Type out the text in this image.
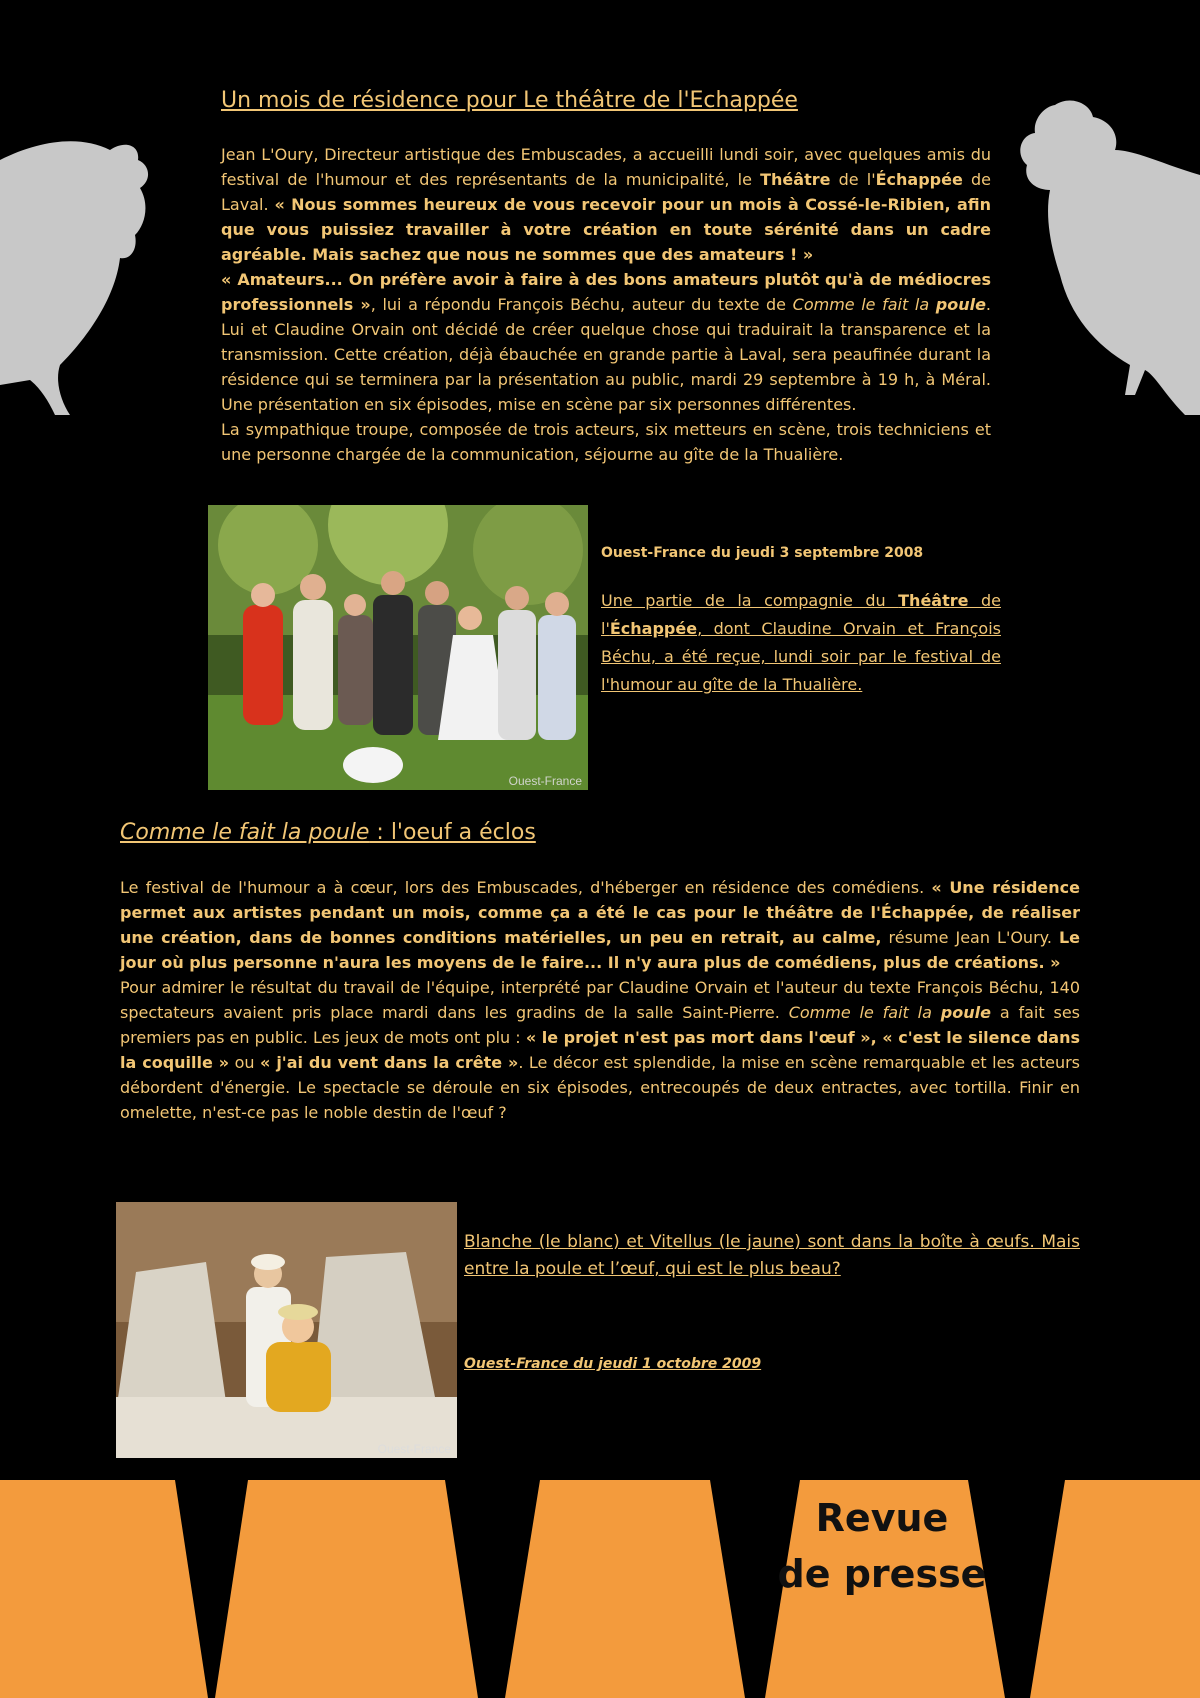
Un mois de résidence pour Le théâtre de l'Echappée

Jean L'Oury, Directeur artistique des Embuscades, a accueilli lundi soir, avec quelques amis du festival de l'humour et des représentants de la municipalité, le Théâtre de l'Échappée de Laval. « Nous sommes heureux de vous recevoir pour un mois à Cossé-le-Ribien, afin que vous puissiez travailler à votre création en toute sérénité dans un cadre agréable. Mais sachez que nous ne sommes que des amateurs ! »

« Amateurs... On préfère avoir à faire à des bons amateurs plutôt qu'à de médiocres professionnels », lui a répondu François Béchu, auteur du texte de Comme le fait la poule. Lui et Claudine Orvain ont décidé de créer quelque chose qui traduirait la transparence et la transmission. Cette création, déjà ébauchée en grande partie à Laval, sera peaufinée durant la résidence qui se terminera par la présentation au public, mardi 29 septembre à 19 h, à Méral. Une présentation en six épisodes, mise en scène par six personnes différentes.

La sympathique troupe, composée de trois acteurs, six metteurs en scène, trois techniciens et une personne chargée de la communication, séjourne au gîte de la Thualière.

Ouest-France
Ouest-France du jeudi 3 septembre 2008
Une partie de la compagnie du Théâtre de l'Échappée, dont Claudine Orvain et François Béchu, a été reçue, lundi soir par le festival de l'humour au gîte de la Thualière.
Comme le fait la poule : l'oeuf a éclos

Le festival de l'humour a à cœur, lors des Embuscades, d'héberger en résidence des comédiens. « Une résidence permet aux artistes pendant un mois, comme ça a été le cas pour le théâtre de l'Échappée, de réaliser une création, dans de bonnes conditions matérielles, un peu en retrait, au calme, résume Jean L'Oury. Le jour où plus personne n'aura les moyens de le faire... Il n'y aura plus de comédiens, plus de créations. »

Pour admirer le résultat du travail de l'équipe, interprété par Claudine Orvain et l'auteur du texte François Béchu, 140 spectateurs avaient pris place mardi dans les gradins de la salle Saint-Pierre. Comme le fait la poule a fait ses premiers pas en public. Les jeux de mots ont plu : « le projet n'est pas mort dans l'œuf », « c'est le silence dans la coquille » ou « j'ai du vent dans la crête ». Le décor est splendide, la mise en scène remarquable et les acteurs débordent d'énergie. Le spectacle se déroule en six épisodes, entrecoupés de deux entractes, avec tortilla. Finir en omelette, n'est-ce pas le noble destin de l'œuf ?

Ouest-France
Blanche (le blanc) et Vitellus (le jaune) sont dans la boîte à œufs. Mais entre la poule et l’œuf, qui est le plus beau?
Ouest-France du jeudi 1 octobre 2009
Revue
de presse
